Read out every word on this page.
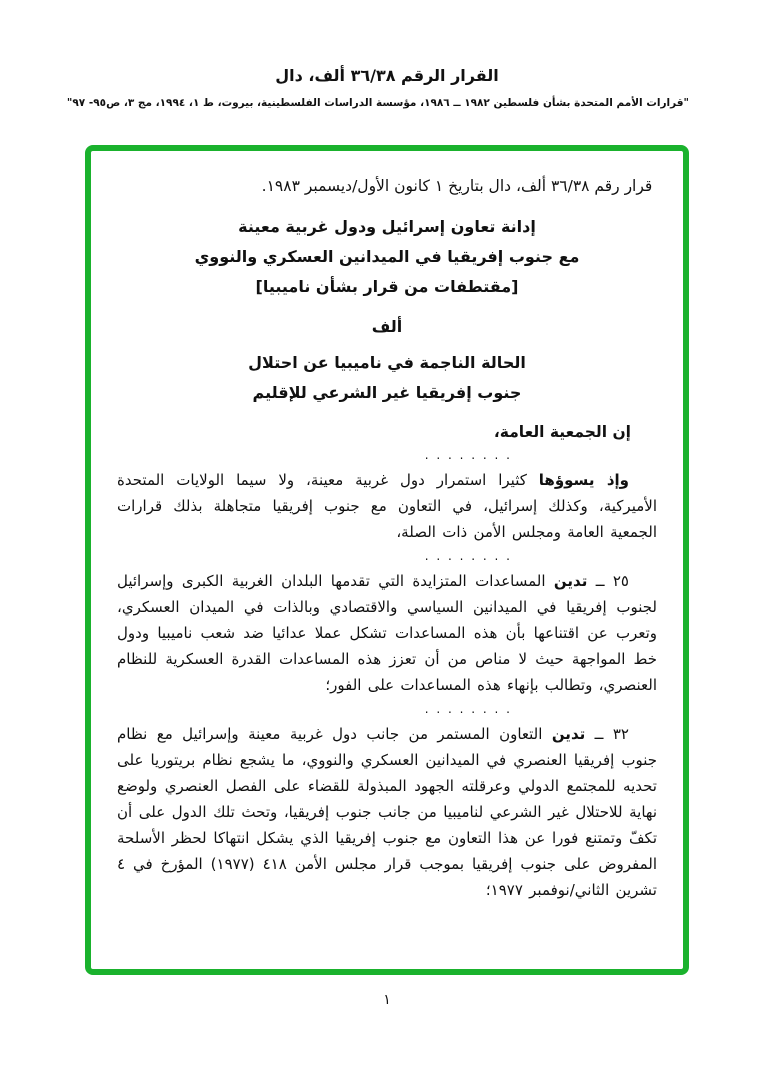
القرار الرقم ٣٦/٣٨ ألف، دال
"قرارات الأمم المتحدة بشأن فلسطين ١٩٨٢ ــ ١٩٨٦، مؤسسة الدراسات الفلسطينية، بيروت، ط ١، ١٩٩٤، مج ٣، ص٩٥- ٩٧"
قرار رقم ٣٦/٣٨ ألف، دال بتاريخ ١ كانون الأول/ديسمبر ١٩٨٣.
إدانة تعاون إسرائيل ودول غربية معينة
مع جنوب إفريقيا في الميدانين العسكري والنووي
[مقتطفات من قرار بشأن ناميبيا]
ألف
الحالة الناجمة في ناميبيا عن احتلال
جنوب إفريقيا غير الشرعي للإقليم
إن الجمعية العامة،
. . . . . . . .

وإذ يسوؤها كثيرا استمرار دول غربية معينة، ولا سيما الولايات المتحدة الأميركية، وكذلك إسرائيل، في التعاون مع جنوب إفريقيا متجاهلة بذلك قرارات الجمعية العامة ومجلس الأمن ذات الصلة،

. . . . . . . .

٢٥ ــ تدين المساعدات المتزايدة التي تقدمها البلدان الغربية الكبرى وإسرائيل لجنوب إفريقيا في الميدانين السياسي والاقتصادي وبالذات في الميدان العسكري، وتعرب عن اقتناعها بأن هذه المساعدات تشكل عملا عدائيا ضد شعب ناميبيا ودول خط المواجهة حيث لا مناص من أن تعزز هذه المساعدات القدرة العسكرية للنظام العنصري، وتطالب بإنهاء هذه المساعدات على الفور؛

. . . . . . . .

٣٢ ــ تدين التعاون المستمر من جانب دول غربية معينة وإسرائيل مع نظام جنوب إفريقيا العنصري في الميدانين العسكري والنووي، ما يشجع نظام بريتوريا على تحديه للمجتمع الدولي وعرقلته الجهود المبذولة للقضاء على الفصل العنصري ولوضع نهاية للاحتلال غير الشرعي لناميبيا من جانب جنوب إفريقيا، وتحث تلك الدول على أن تكفّ وتمتنع فورا عن هذا التعاون مع جنوب إفريقيا الذي يشكل انتهاكا لحظر الأسلحة المفروض على جنوب إفريقيا بموجب قرار مجلس الأمن ٤١٨ (١٩٧٧) المؤرخ في ٤ تشرين الثاني/نوفمبر ١٩٧٧؛

١
